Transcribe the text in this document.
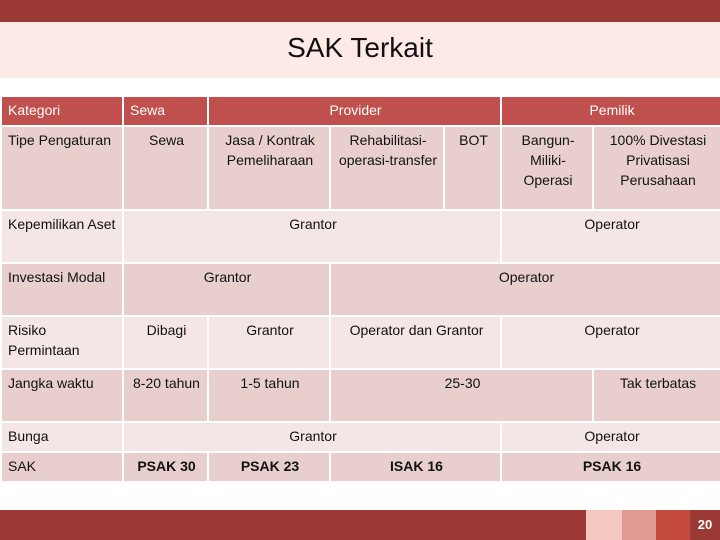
SAK Terkait
Kategori	Sewa	Provider			Pemilik	
Tipe Pengaturan	Sewa	Jasa / Kontrak Pemeliharaan	Rehabilitasi-operasi-transfer	BOT	Bangun-Miliki-Operasi	100% Divestasi Privatisasi Perusahaan
Kepemilikan Aset	Grantor				Operator	
Investasi Modal	Grantor		Operator			
Risiko Permintaan	Dibagi	Grantor	Operator dan Grantor		Operator	
Jangka waktu	8-20 tahun	1-5 tahun	25-30			Tak terbatas
Bunga	Grantor				Operator	
SAK	PSAK 30	PSAK 23	ISAK 16		PSAK 16	
20
